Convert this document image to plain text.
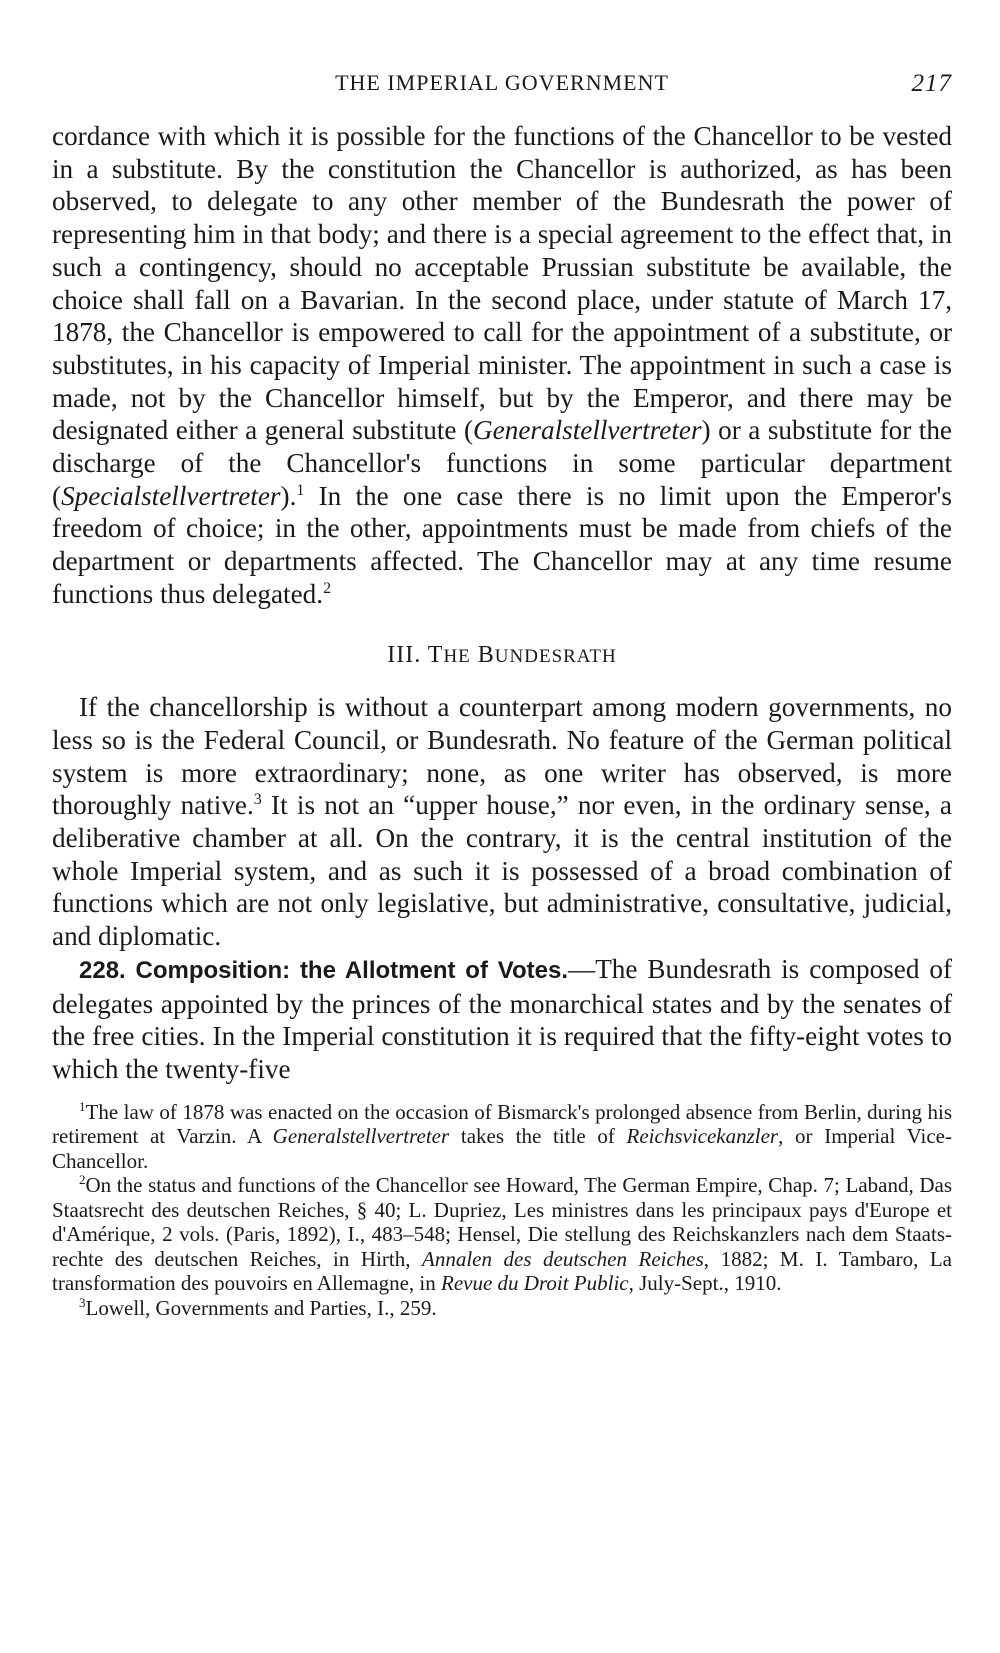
THE IMPERIAL GOVERNMENT	217

cordance with which it is possible for the functions of the Chancellor to be vested in a substitute. By the constitution the Chancellor is authorized, as has been observed, to delegate to any other member of the Bundesrath the power of representing him in that body; and there is a special agreement to the effect that, in such a contingency, should no acceptable Prussian substitute be available, the choice shall fall on a Bavarian. In the second place, under statute of March 17, 1878, the Chancellor is empowered to call for the appointment of a substitute, or substitutes, in his capacity of Imperial minister. The appointment in such a case is made, not by the Chancellor himself, but by the Emperor, and there may be designated either a general substitute (Generalstellvertreter) or a substitute for the discharge of the Chancellor's functions in some particular department (Specialstellvertreter).$^1$ In the one case there is no limit upon the Emperor's freedom of choice; in the other, appointments must be made from chiefs of the department or departments affected. The Chancellor may at any time resume functions thus delegated.$^2$

III. THE BUNDESRATH

If the chancellorship is without a counterpart among modern governments, no less so is the Federal Council, or Bundesrath. No feature of the German political system is more extraordinary; none, as one writer has observed, is more thoroughly native.$^3$ It is not an “upper house,” nor even, in the ordinary sense, a deliberative chamber at all. On the contrary, it is the central institution of the whole Imperial system, and as such it is possessed of a broad combination of functions which are not only legislative, but administrative, consultative, judicial, and diplomatic.

228. Composition: the Allotment of Votes.—The Bundesrath is composed of delegates appointed by the princes of the monarchical states and by the senates of the free cities. In the Imperial constitution it is required that the fifty-eight votes to which the twenty-five

$^1$The law of 1878 was enacted on the occasion of Bismarck's prolonged absence from Berlin, during his retirement at Varzin. A Generalstellvertreter takes the title of Reichsvicekanzler, or Imperial Vice-Chancellor.

$^2$On the status and functions of the Chancellor see Howard, The German Empire, Chap. 7; Laband, Das Staatsrecht des deutschen Reiches, § 40; L. Dupriez, Les ministres dans les principaux pays d'Europe et d'Amérique, 2 vols. (Paris, 1892), I., 483–548; Hensel, Die stellung des Reichskanzlers nach dem Staatsrechte des deutschen Reiches, in Hirth, Annalen des deutschen Reiches, 1882; M. I. Tambaro, La transformation des pouvoirs en Allemagne, in Revue du Droit Public, July-Sept., 1910.

$^3$Lowell, Governments and Parties, I., 259.
